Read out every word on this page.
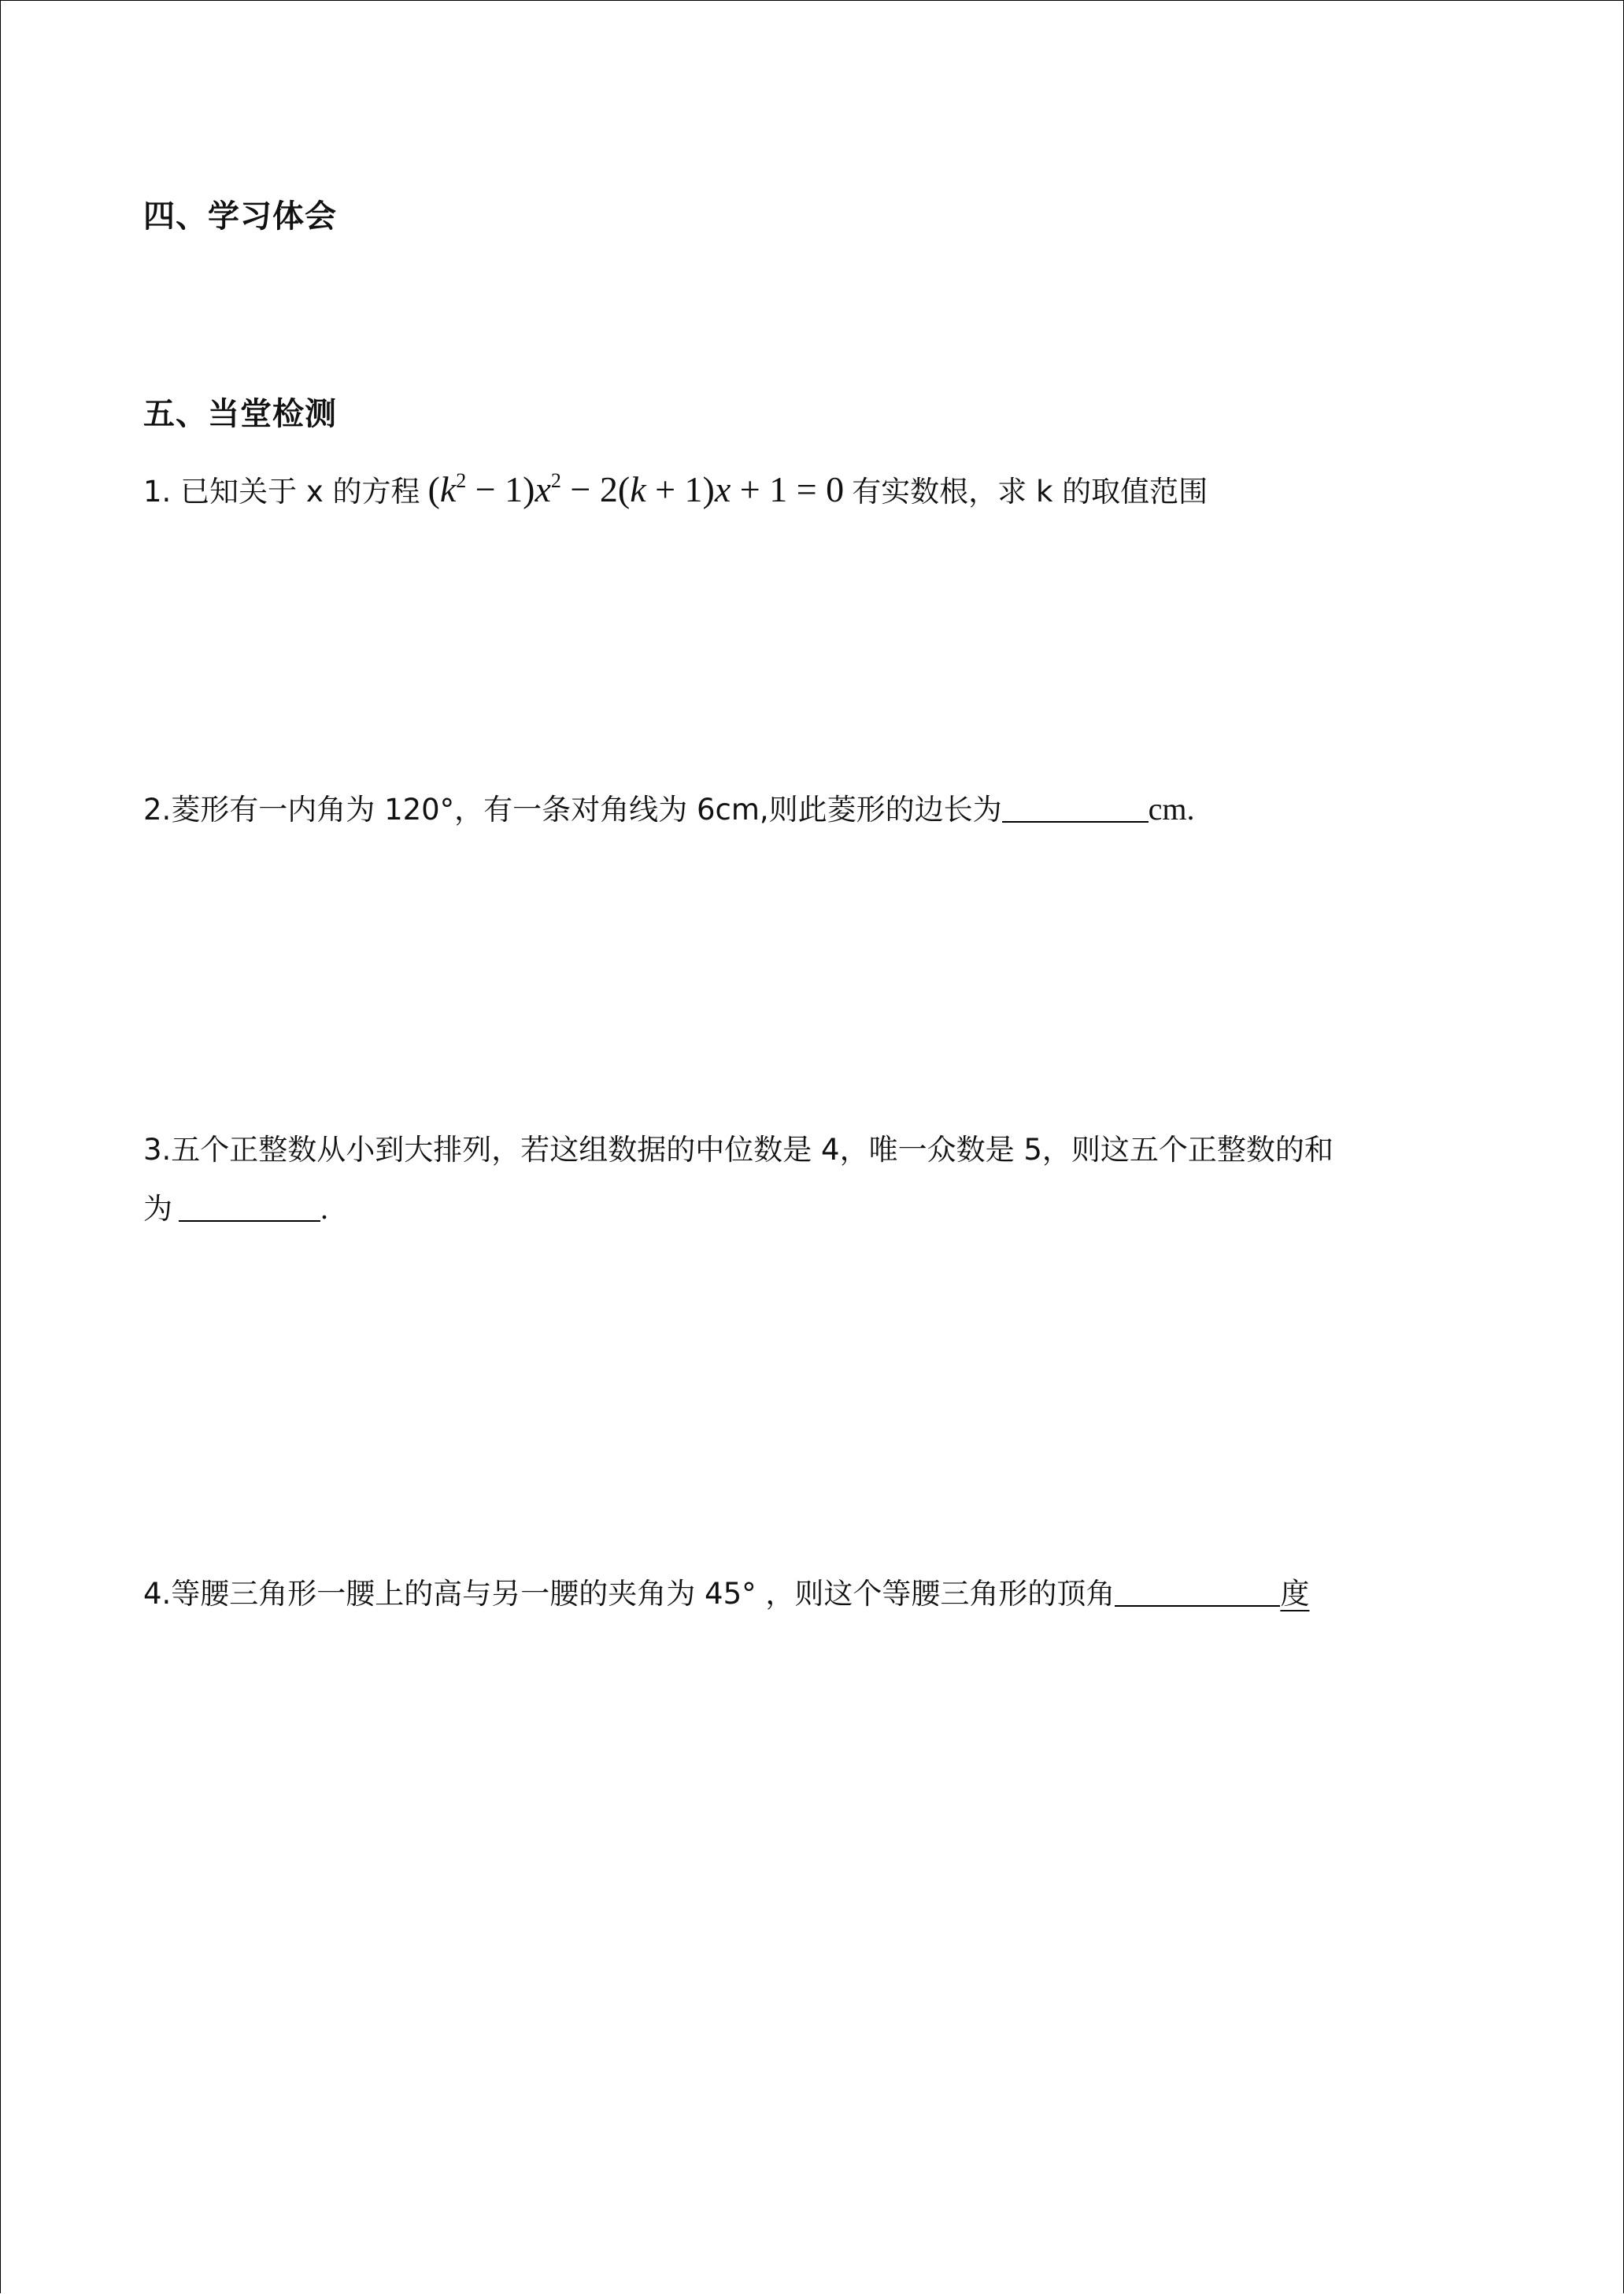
四、学习体会
五、当堂检测
1. 已知关于 x 的方程 $(k^2 - 1)x^2 - 2(k + 1)x + 1 = 0$ 有实数根，求 k 的取值范围
2.菱形有一内角为 120°，有一条对角线为 6cm,则此菱形的边长为	cm.
3.五个正整数从小到大排列，若这组数据的中位数是 4，唯一众数是 5，则这五个正整数的和
为	.
4.等腰三角形一腰上的高与另一腰的夹角为 45° ，则这个等腰三角形的顶角	度
